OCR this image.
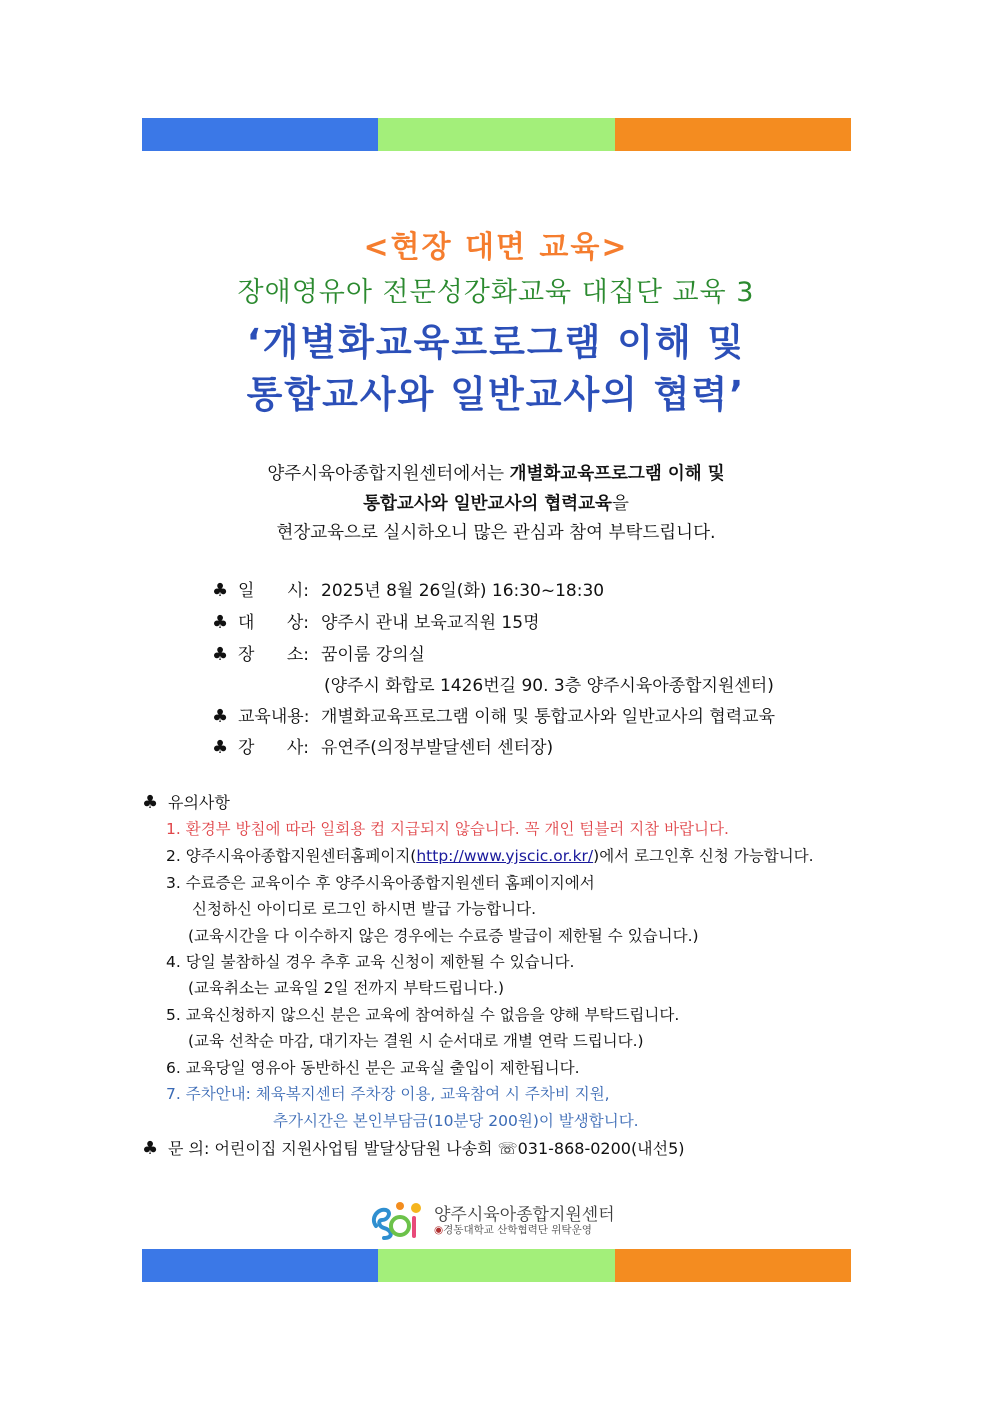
<현장 대면 교육>
장애영유아 전문성강화교육 대집단 교육 3
‘개별화교육프로그램 이해 및
통합교사와 일반교사의 협력’
양주시육아종합지원센터에서는 개별화교육프로그램 이해 및
통합교사와 일반교사의 협력교육을
현장교육으로 실시하오니 많은 관심과 참여 부탁드립니다.
♣ 일      시: 2025년 8월 26일(화) 16:30~18:30
♣ 대      상: 양주시 관내 보육교직원 15명
♣ 장      소: 꿈이룸 강의실
(양주시 화합로 1426번길 90. 3층 양주시육아종합지원센터)
♣ 교육내용: 개별화교육프로그램 이해 및 통합교사와 일반교사의 협력교육
♣ 강      사: 유연주(의정부발달센터 센터장)
♣ 유의사항
1. 환경부 방침에 따라 일회용 컵 지급되지 않습니다. 꼭 개인 텀블러 지참 바랍니다.
2. 양주시육아종합지원센터홈페이지(http://www.yjscic.or.kr/)에서 로그인후 신청 가능합니다.
3. 수료증은 교육이수 후 양주시육아종합지원센터 홈페이지에서
신청하신 아이디로 로그인 하시면 발급 가능합니다.
(교육시간을 다 이수하지 않은 경우에는 수료증 발급이 제한될 수 있습니다.)
4. 당일 불참하실 경우 추후 교육 신청이 제한될 수 있습니다.
(교육취소는 교육일 2일 전까지 부탁드립니다.)
5. 교육신청하지 않으신 분은 교육에 참여하실 수 없음을 양해 부탁드립니다.
(교육 선착순 마감, 대기자는 결원 시 순서대로 개별 연락 드립니다.)
6. 교육당일 영유아 동반하신 분은 교육실 출입이 제한됩니다.
7. 주차안내: 체육복지센터 주차장 이용, 교육참여 시 주차비 지원,
추가시간은 본인부담금(10분당 200원)이 발생합니다.
♣ 문 의: 어린이집 지원사업팀 발달상담원 나송희 ☏031-868-0200(내선5)
양주시육아종합지원센터
◉경동대학교 산학협력단 위탁운영
